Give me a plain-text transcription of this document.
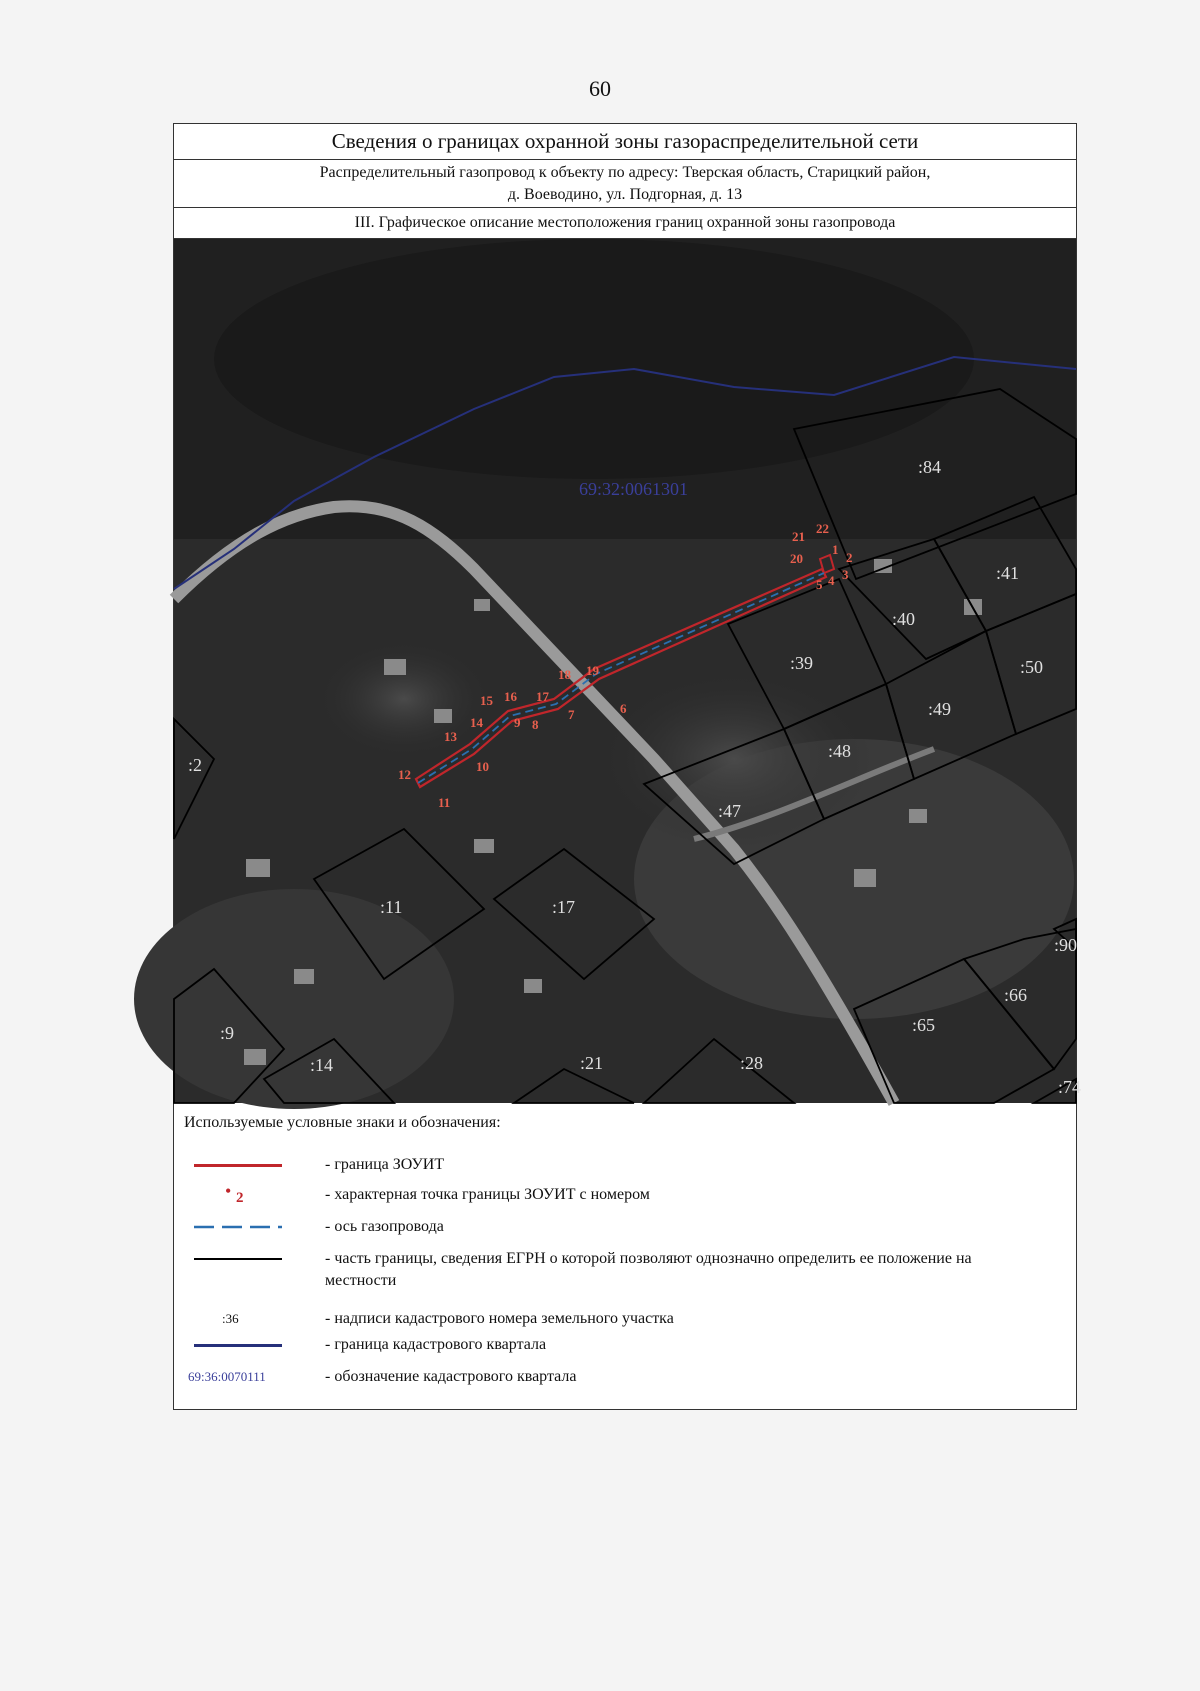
60
Сведения о границах охранной зоны газораспределительной сети
Распределительный газопровод к объекту по адресу: Тверская область, Старицкий район,
д. Воеводино, ул. Подгорная, д. 13
III. Графическое описание местоположения границ охранной зоны газопровода
1
2
3
4
5
6
7
8
9
10
11
12
13
14
15 16 17
18 19
20
21
22
69:32:0061301
:84
:41
:40
:39	:50
:49
:48
:47
:2
:11	:17
:9
:14	:21	:28
:90
:66
:65
:74
Используемые условные знаки и обозначения:
- граница ЗОУИТ
• 2	- характерная точка границы ЗОУИТ с номером
- ось газопровода
- часть границы, сведения ЕГРН о которой позволяют однозначно определить ее положение на местности
:36	- надписи кадастрового номера земельного участка
- граница кадастрового квартала
69:36:0070111	- обозначение кадастрового квартала
